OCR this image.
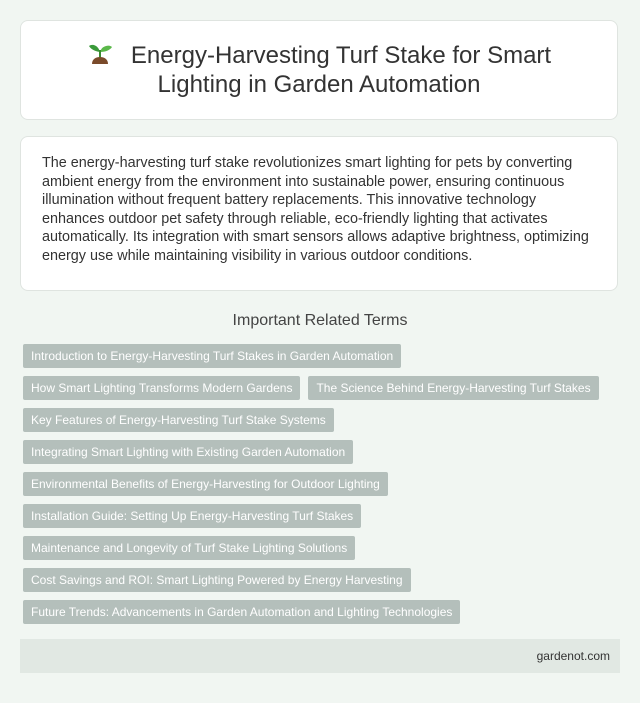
Energy-Harvesting Turf Stake for Smart Lighting in Garden Automation

The energy-harvesting turf stake revolutionizes smart lighting for pets by converting ambient energy from the environment into sustainable power, ensuring continuous illumination without frequent battery replacements. This innovative technology enhances outdoor pet safety through reliable, eco-friendly lighting that activates automatically. Its integration with smart sensors allows adaptive brightness, optimizing energy use while maintaining visibility in various outdoor conditions.

Important Related Terms
Introduction to Energy-Harvesting Turf Stakes in Garden Automation
How Smart Lighting Transforms Modern Gardens	The Science Behind Energy-Harvesting Turf Stakes
Key Features of Energy-Harvesting Turf Stake Systems
Integrating Smart Lighting with Existing Garden Automation
Environmental Benefits of Energy-Harvesting for Outdoor Lighting
Installation Guide: Setting Up Energy-Harvesting Turf Stakes
Maintenance and Longevity of Turf Stake Lighting Solutions
Cost Savings and ROI: Smart Lighting Powered by Energy Harvesting
Future Trends: Advancements in Garden Automation and Lighting Technologies
gardenot.com
